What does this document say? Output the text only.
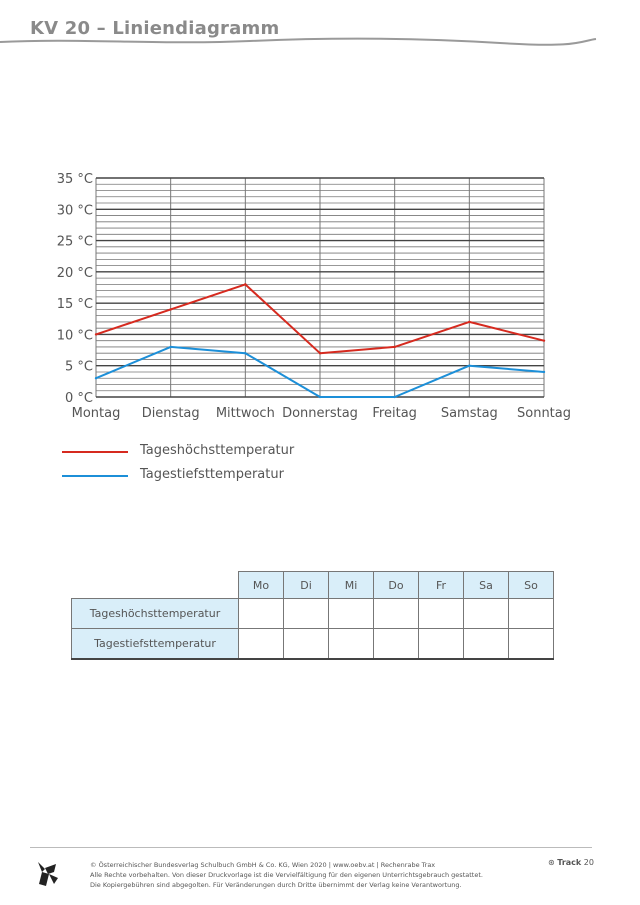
KV 20 – Liniendiagramm
0 °C
5 °C
10 °C
15 °C
20 °C
25 °C
30 °C
35 °C
Montag Dienstag Mittwoch Donnerstag Freitag Samstag Sonntag
Tageshöchsttemperatur
Tagestiefsttemperatur
	Mo	Di	Mi	Do	Fr	Sa	So
Tageshöchsttemperatur							
Tagestiefsttemperatur							
© Österreichischer Bundesverlag Schulbuch GmbH & Co. KG, Wien 2020 | www.oebv.at | Rechenrabe Trax
Alle Rechte vorbehalten. Von dieser Druckvorlage ist die Vervielfältigung für den eigenen Unterrichtsgebrauch gestattet.
Die Kopiergebühren sind abgegolten. Für Veränderungen durch Dritte übernimmt der Verlag keine Verantwortung.
⊛ Track 20
